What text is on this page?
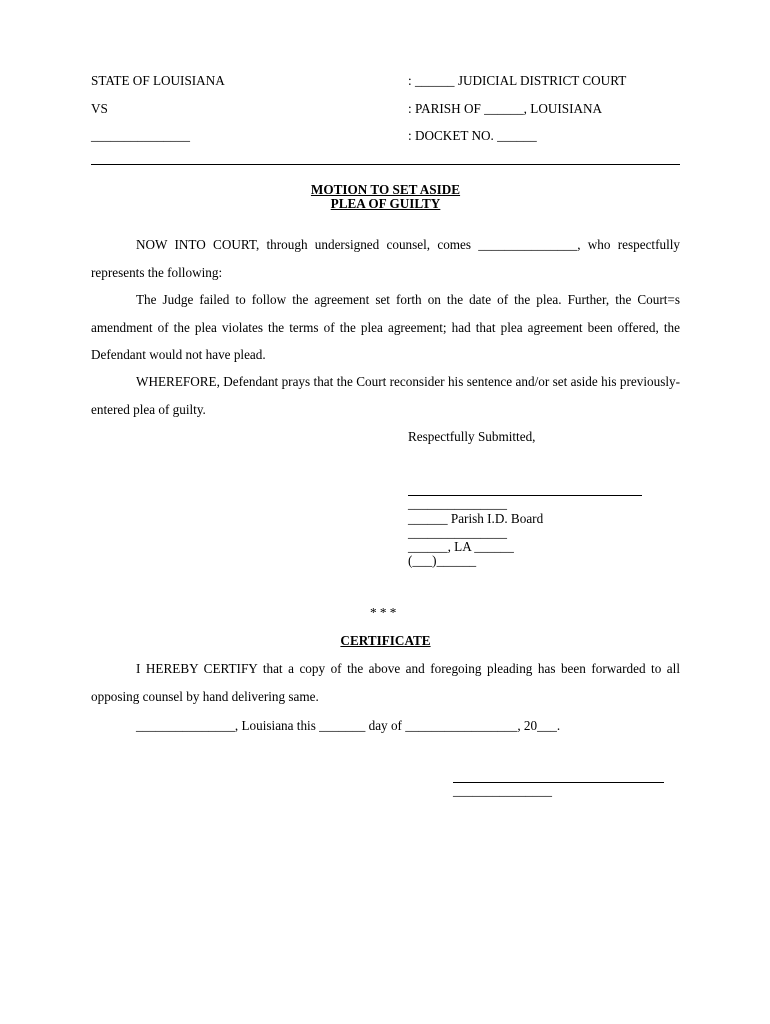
STATE OF LOUISIANA
VS
_______________
: ______ JUDICIAL DISTRICT COURT
: PARISH OF ______, LOUISIANA
: DOCKET NO. ______
MOTION TO SET ASIDE
PLEA OF GUILTY
NOW INTO COURT, through undersigned counsel, comes _______________, who respectfully represents the following:
The Judge failed to follow the agreement set forth on the date of the plea. Further, the Court=s amendment of the plea violates the terms of the plea agreement; had that plea agreement been offered, the Defendant would not have plead.
WHEREFORE, Defendant prays that the Court reconsider his sentence and/or set aside his previously-entered plea of guilty.
Respectfully Submitted,
_______________
______ Parish I.D. Board
_______________
______, LA ______
(___)______
* * *
CERTIFICATE
I HEREBY CERTIFY that a copy of the above and foregoing pleading has been forwarded to all opposing counsel by hand delivering same.
_______________, Louisiana this _______ day of _________________, 20___.
_______________
